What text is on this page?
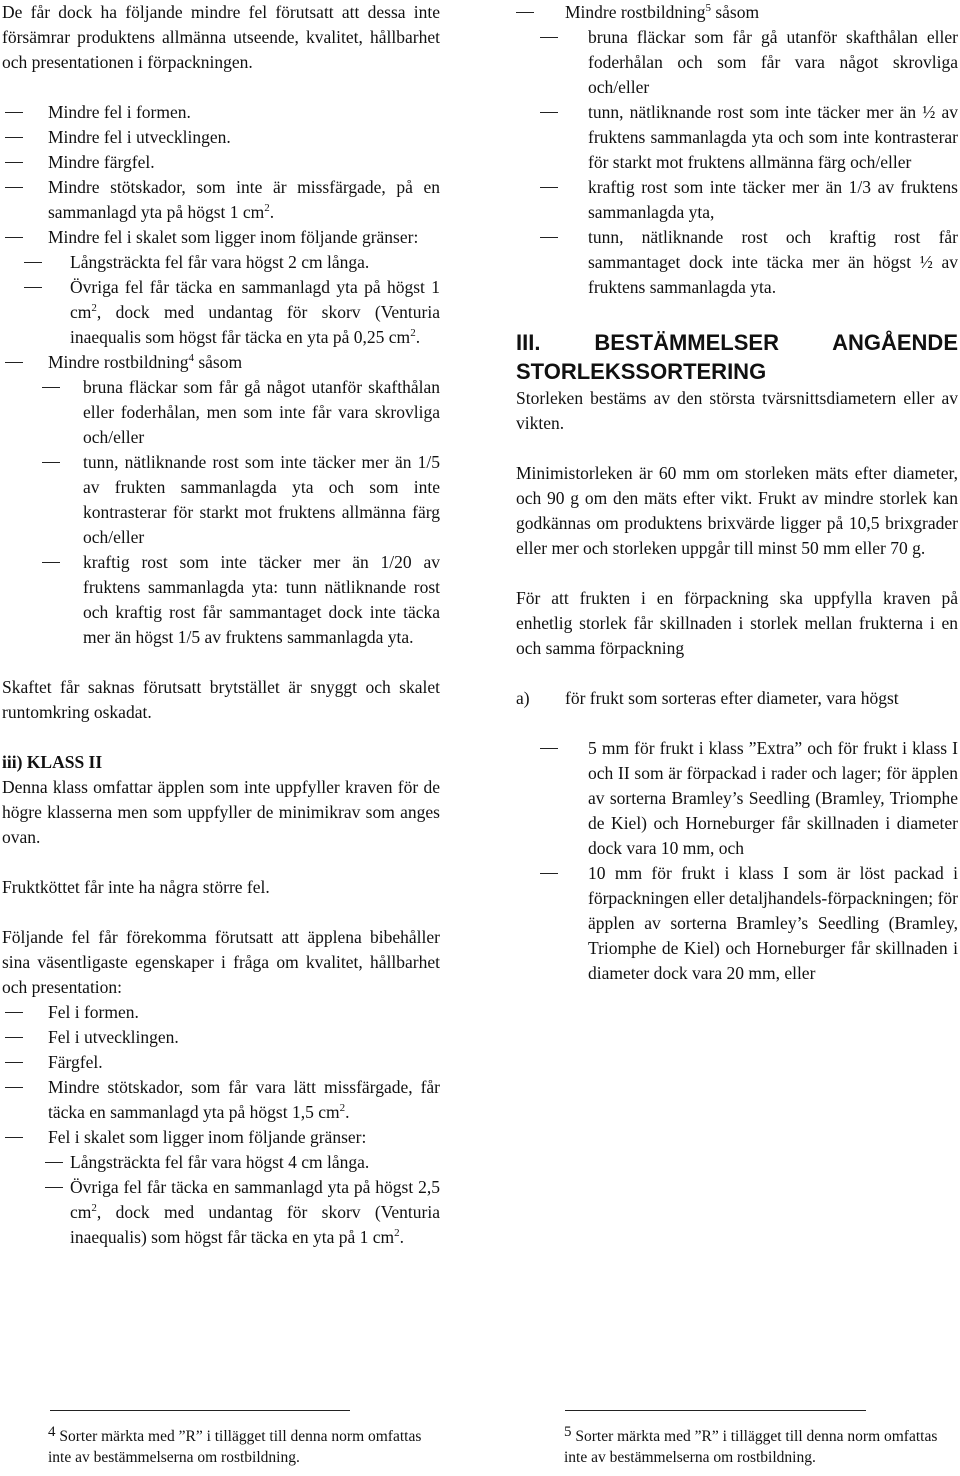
De får dock ha följande mindre fel förutsatt att dessa inte försämrar produktens allmänna utseende, kvalitet, hållbarhet och presentationen i förpackningen.

Mindre fel i formen.
Mindre fel i utvecklingen.
Mindre färgfel.
Mindre stötskador, som inte är missfärgade, på en sammanlagd yta på högst 1 $cm^2$.
Mindre fel i skalet som ligger inom följande gränser:
Långsträckta fel får vara högst 2 cm långa.
Övriga fel får täcka en sammanlagd yta på högst 1 $cm^2$, dock med undantag för skorv (Venturia inaequalis som högst får täcka en yta på 0,25 $cm^2$.
Mindre rostbildning$^4$ såsom
bruna fläckar som får gå något utanför skafthålan eller foderhålan, men som inte får vara skrovliga och/eller
tunn, nätliknande rost som inte täcker mer än 1/5 av frukten sammanlagda yta och som inte kontrasterar för starkt mot fruktens allmänna färg och/eller
kraftig rost som inte täcker mer än 1/20 av fruktens sammanlagda yta: tunn nätliknande rost och kraftig rost får sammantaget dock inte täcka mer än högst 1/5 av fruktens sammanlagda yta.

Skaftet får saknas förutsatt brytstället är snyggt och skalet runtomkring oskadat.

iii) KLASS II

Denna klass omfattar äpplen som inte uppfyller kraven för de högre klasserna men som uppfyller de minimikrav som anges ovan.

Fruktköttet får inte ha några större fel.

Följande fel får förekomma förutsatt att äpplena bibehåller sina väsentligaste egenskaper i fråga om kvalitet, hållbarhet och presentation:

Fel i formen.
Fel i utvecklingen.
Färgfel.
Mindre stötskador, som får vara lätt missfärgade, får täcka en sammanlagd yta på högst 1,5 $cm^2$.
Fel i skalet som ligger inom följande gränser:
Långsträckta fel får vara högst 4 cm långa.
Övriga fel får täcka en sammanlagd yta på högst 2,5 $cm^2$, dock med undantag för skorv (Venturia inaequalis) som högst får täcka en yta på 1 $cm^2$.
Mindre rostbildning$^5$ såsom
bruna fläckar som får gå utanför skafthålan eller foderhålan och som får vara något skrovliga och/eller
tunn, nätliknande rost som inte täcker mer än ½ av fruktens sammanlagda yta och som inte kontrasterar för starkt mot fruktens allmänna färg och/eller
kraftig rost som inte täcker mer än 1/3 av fruktens sammanlagda yta,
tunn, nätliknande rost och kraftig rost får sammantaget dock inte täcka mer än högst ½ av fruktens sammanlagda yta.

III. BESTÄMMELSER ANGÅENDE STORLEKSSORTERING

Storleken bestäms av den största tvärsnittsdiametern eller av vikten.

Minimistorleken är 60 mm om storleken mäts efter diameter, och 90 g om den mäts efter vikt. Frukt av mindre storlek kan godkännas om produktens brixvärde ligger på 10,5 brixgrader eller mer och storleken uppgår till minst 50 mm eller 70 g.

För att frukten i en förpackning ska uppfylla kraven på enhetlig storlek får skillnaden i storlek mellan frukterna i en och samma förpackning

a) för frukt som sorteras efter diameter, vara högst
5 mm för frukt i klass ”Extra” och för frukt i klass I och II som är förpackad i rader och lager; för äpplen av sorterna Bramley’s Seedling (Bramley, Triomphe de Kiel) och Horneburger får skillnaden i diameter dock vara 10 mm, och
10 mm för frukt i klass I som är löst packad i förpackningen eller detaljhandels-förpackningen; för äpplen av sorterna Bramley’s Seedling (Bramley, Triomphe de Kiel) och Horneburger får skillnaden i diameter dock vara 20 mm, eller
$^4$ Sorter märkta med ”R” i tillägget till denna norm omfattas inte av bestämmelserna om rostbildning.
$^5$ Sorter märkta med ”R” i tillägget till denna norm omfattas inte av bestämmelserna om rostbildning.
